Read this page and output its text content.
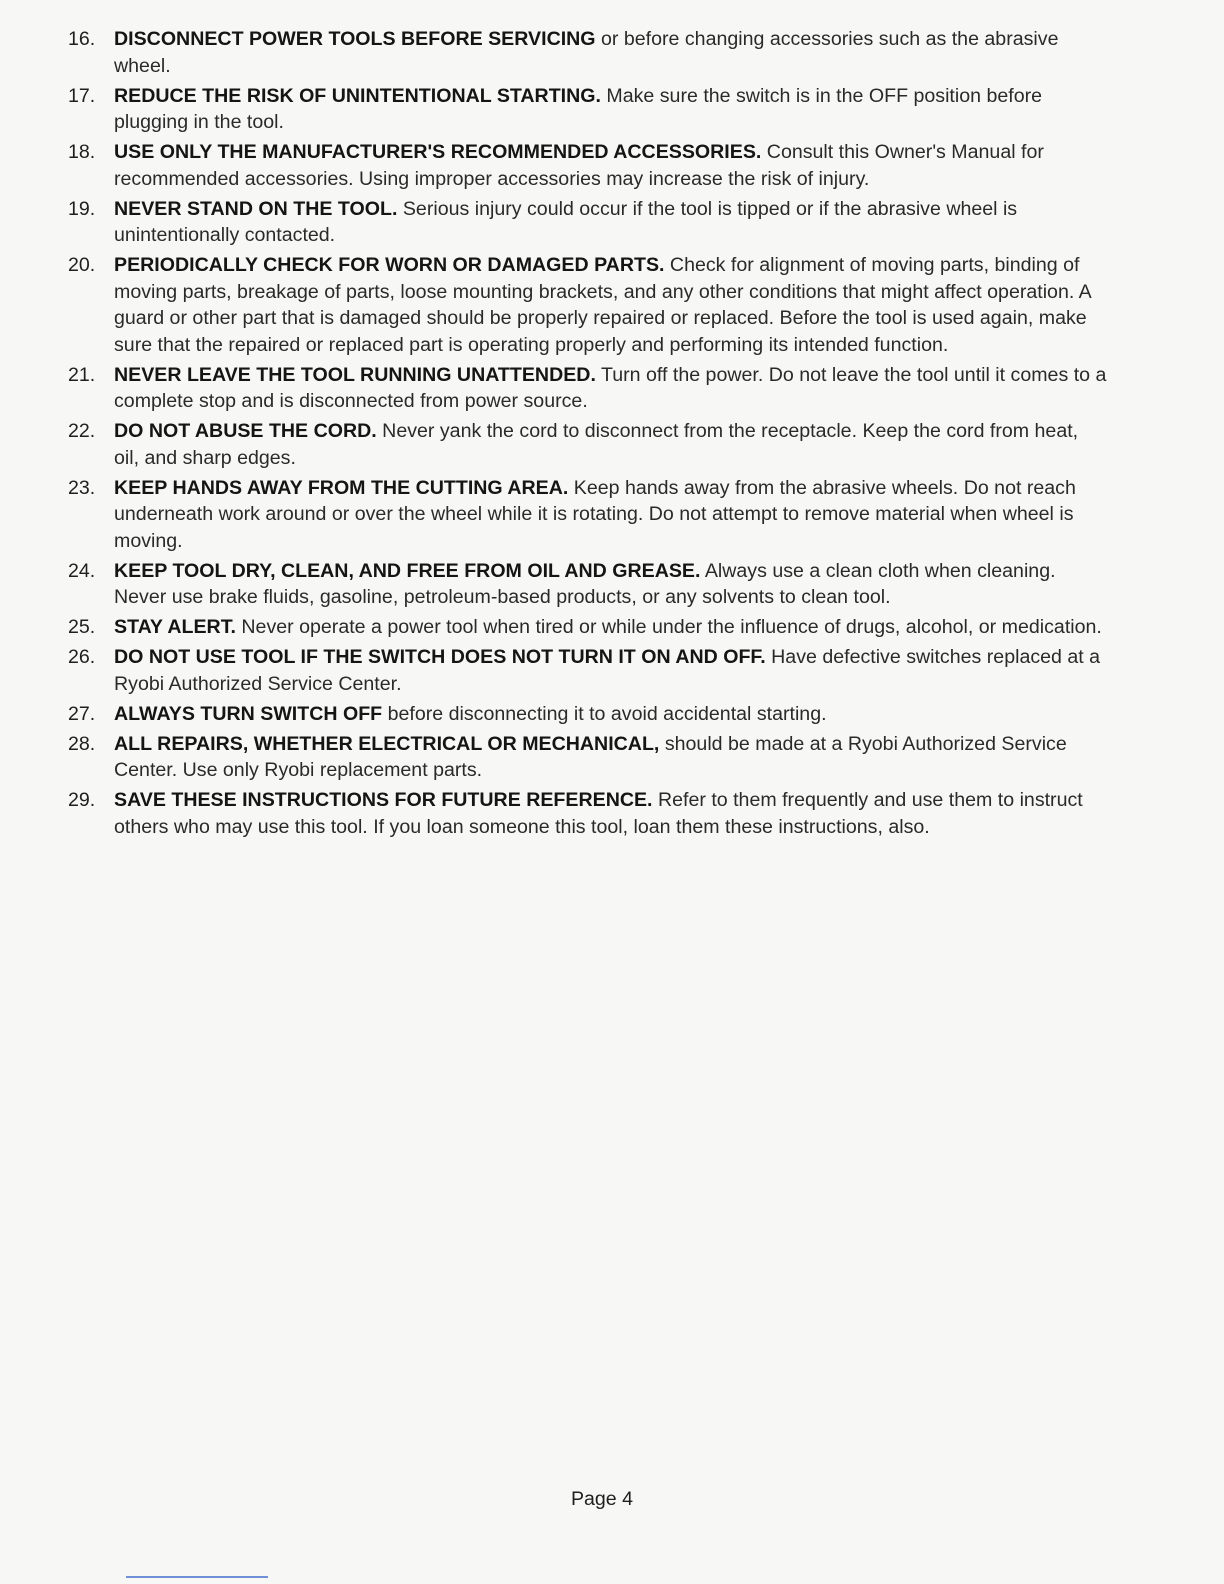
16. DISCONNECT POWER TOOLS BEFORE SERVICING or before changing accessories such as the abrasive wheel.
17. REDUCE THE RISK OF UNINTENTIONAL STARTING. Make sure the switch is in the OFF position before plugging in the tool.
18. USE ONLY THE MANUFACTURER'S RECOMMENDED ACCESSORIES. Consult this Owner's Manual for recommended accessories. Using improper accessories may increase the risk of injury.
19. NEVER STAND ON THE TOOL. Serious injury could occur if the tool is tipped or if the abrasive wheel is unintentionally contacted.
20. PERIODICALLY CHECK FOR WORN OR DAMAGED PARTS. Check for alignment of moving parts, binding of moving parts, breakage of parts, loose mounting brackets, and any other conditions that might affect operation. A guard or other part that is damaged should be properly repaired or replaced. Before the tool is used again, make sure that the repaired or replaced part is operating properly and performing its intended function.
21. NEVER LEAVE THE TOOL RUNNING UNATTENDED. Turn off the power. Do not leave the tool until it comes to a complete stop and is disconnected from power source.
22. DO NOT ABUSE THE CORD. Never yank the cord to disconnect from the receptacle. Keep the cord from heat, oil, and sharp edges.
23. KEEP HANDS AWAY FROM THE CUTTING AREA. Keep hands away from the abrasive wheels. Do not reach underneath work around or over the wheel while it is rotating. Do not attempt to remove material when wheel is moving.
24. KEEP TOOL DRY, CLEAN, AND FREE FROM OIL AND GREASE. Always use a clean cloth when cleaning. Never use brake fluids, gasoline, petroleum-based products, or any solvents to clean tool.
25. STAY ALERT. Never operate a power tool when tired or while under the influence of drugs, alcohol, or medication.
26. DO NOT USE TOOL IF THE SWITCH DOES NOT TURN IT ON AND OFF. Have defective switches replaced at a Ryobi Authorized Service Center.
27. ALWAYS TURN SWITCH OFF before disconnecting it to avoid accidental starting.
28. ALL REPAIRS, WHETHER ELECTRICAL OR MECHANICAL, should be made at a Ryobi Authorized Service Center. Use only Ryobi replacement parts.
29. SAVE THESE INSTRUCTIONS FOR FUTURE REFERENCE. Refer to them frequently and use them to instruct others who may use this tool. If you loan someone this tool, loan them these instructions, also.
Page 4
